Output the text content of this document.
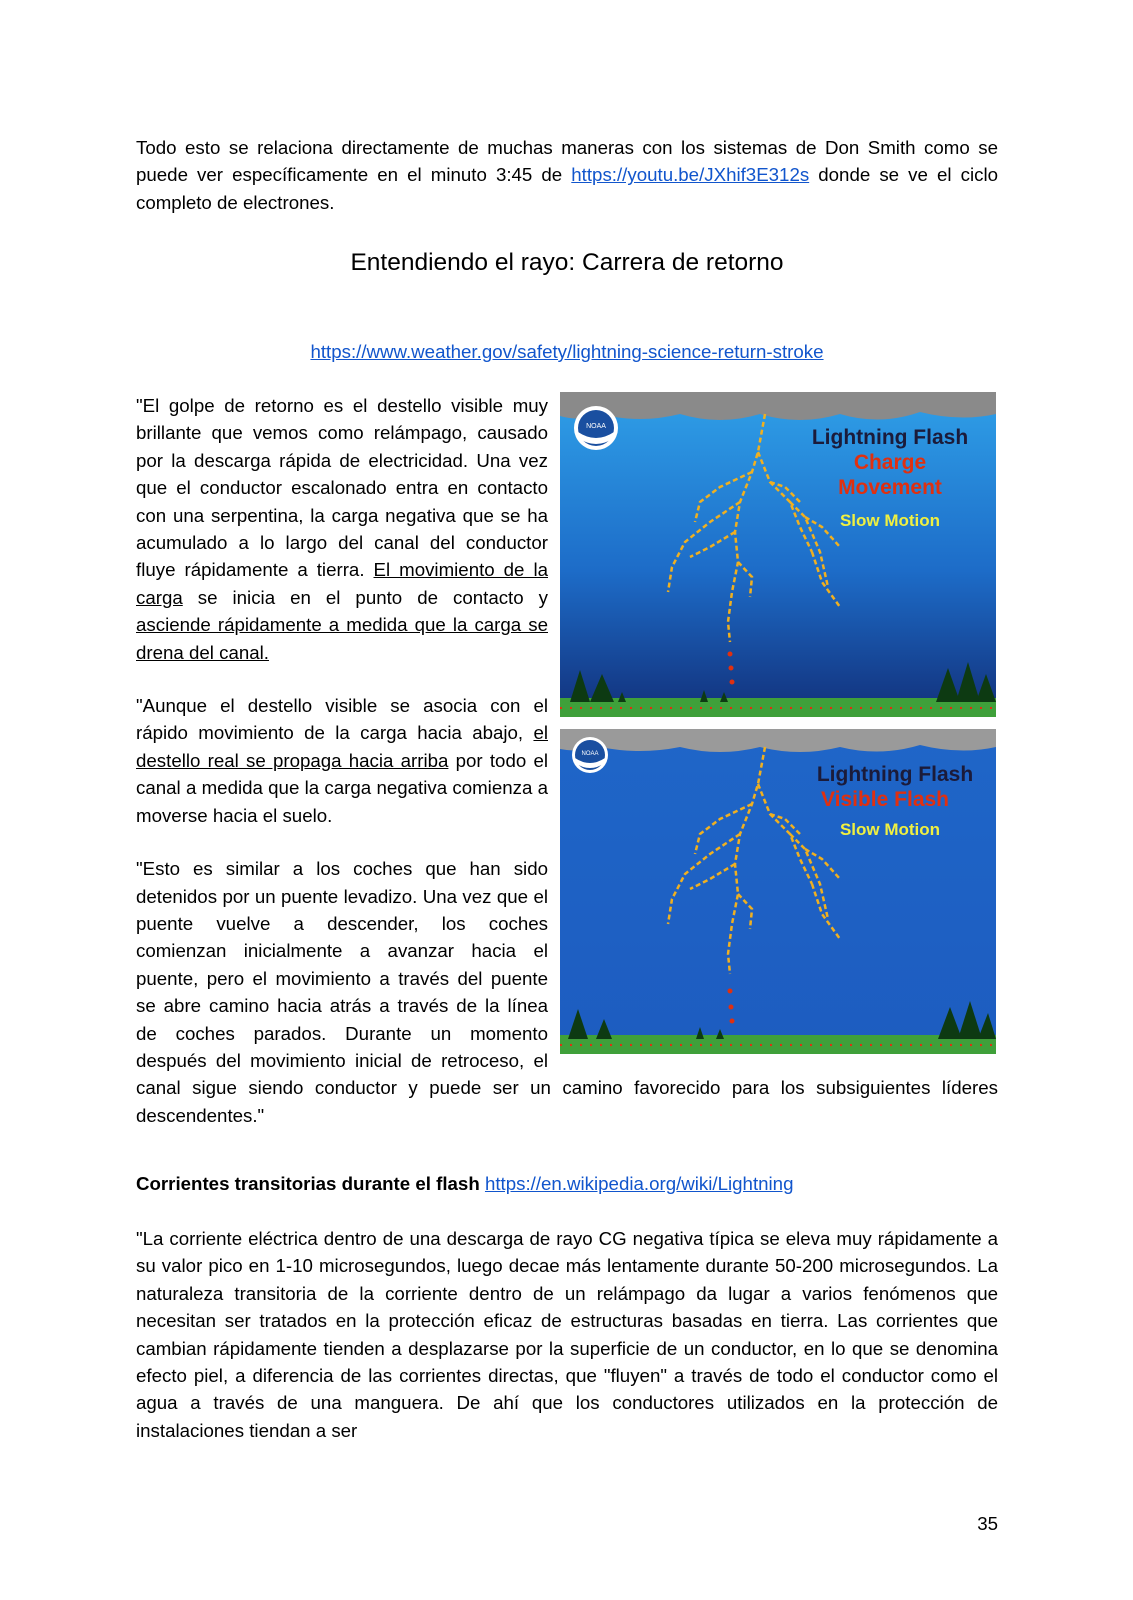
Todo esto se relaciona directamente de muchas maneras con los sistemas de Don Smith como se puede ver específicamente en el minuto 3:45 de https://youtu.be/JXhif3E312s donde se ve el ciclo completo de electrones.

Entendiendo el rayo: Carrera de retorno

https://www.weather.gov/safety/lightning-science-return-stroke

NOAA	Lightning Flash
Charge
Movement
Slow Motion
NOAA
Lightning Flash
Visible Flash
Slow Motion

"El golpe de retorno es el destello visible muy brillante que vemos como relámpago, causado por la descarga rápida de electricidad. Una vez que el conductor escalonado entra en contacto con una serpentina, la carga negativa que se ha acumulado a lo largo del canal del conductor fluye rápidamente a tierra. El movimiento de la carga se inicia en el punto de contacto y asciende rápidamente a medida que la carga se drena del canal.

"Aunque el destello visible se asocia con el rápido movimiento de la carga hacia abajo, el destello real se propaga hacia arriba por todo el canal a medida que la carga negativa comienza a moverse hacia el suelo.

"Esto es similar a los coches que han sido detenidos por un puente levadizo. Una vez que el puente vuelve a descender, los coches comienzan inicialmente a avanzar hacia el puente, pero el movimiento a través del puente se abre camino hacia atrás a través de la línea de coches parados. Durante un momento después del movimiento inicial de retroceso, el canal sigue siendo conductor y puede ser un camino favorecido para los subsiguientes líderes descendentes."

Corrientes transitorias durante el flash https://en.wikipedia.org/wiki/Lightning

"La corriente eléctrica dentro de una descarga de rayo CG negativa típica se eleva muy rápidamente a su valor pico en 1-10 microsegundos, luego decae más lentamente durante 50-200 microsegundos. La naturaleza transitoria de la corriente dentro de un relámpago da lugar a varios fenómenos que necesitan ser tratados en la protección eficaz de estructuras basadas en tierra. Las corrientes que cambian rápidamente tienden a desplazarse por la superficie de un conductor, en lo que se denomina efecto piel, a diferencia de las corrientes directas, que "fluyen" a través de todo el conductor como el agua a través de una manguera. De ahí que los conductores utilizados en la protección de instalaciones tiendan a ser

35
